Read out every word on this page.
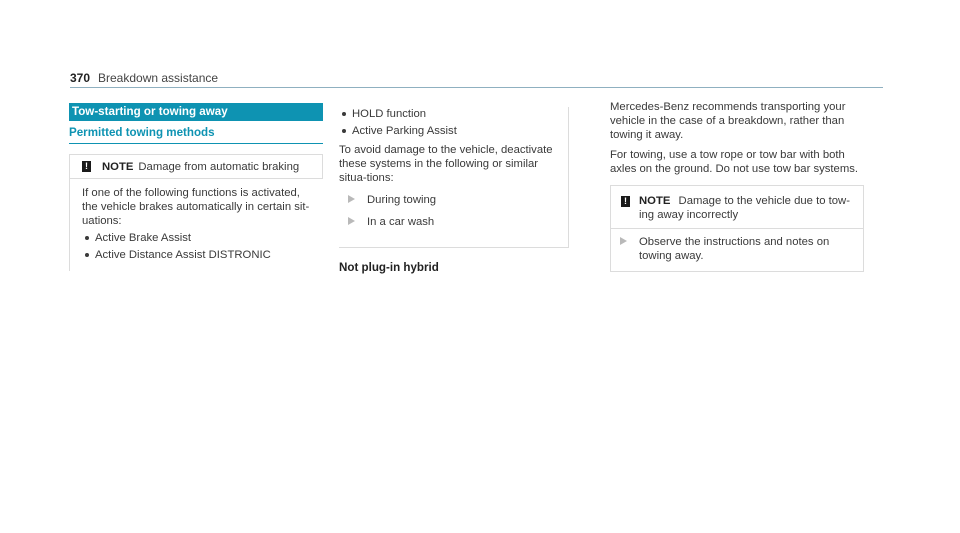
370 Breakdown assistance
Tow-starting or towing away
Permitted towing methods
! NOTE Damage from automatic braking
If one of the following functions is activated, the vehicle brakes automatically in certain sit-uations:
Active Brake Assist
Active Distance Assist DISTRONIC
HOLD function
Active Parking Assist

To avoid damage to the vehicle, deactivate these systems in the following or similar situa-tions:

During towing
In a car wash
Not plug-in hybrid

Mercedes-Benz recommends transporting your vehicle in the case of a breakdown, rather than towing it away.

For towing, use a tow rope or tow bar with both axles on the ground. Do not use tow bar systems.

! NOTE Damage to the vehicle due to tow-ing away incorrectly
Observe the instructions and notes on towing away.
